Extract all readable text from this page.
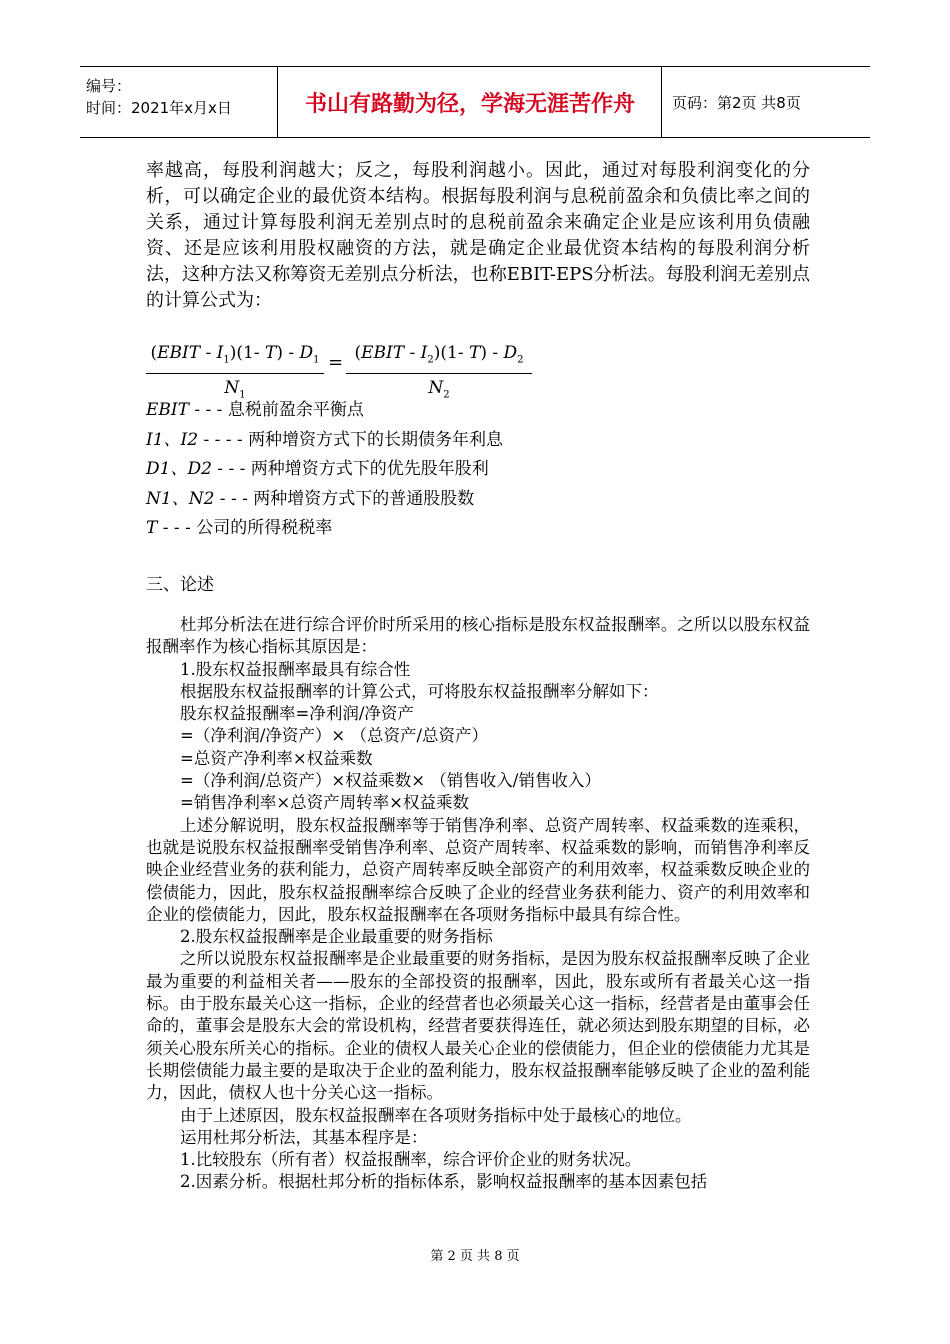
编号：
时间：2021年x月x日	书山有路勤为径，学海无涯苦作舟	页码：第2页 共8页
率越高，每股利润越大；反之，每股利润越小。因此，通过对每股利润变化的分析，可以确定企业的最优资本结构。根据每股利润与息税前盈余和负债比率之间的关系，通过计算每股利润无差别点时的息税前盈余来确定企业是应该利用负债融资、还是应该利用股权融资的方法，就是确定企业最优资本结构的每股利润分析法，这种方法又称筹资无差别点分析法，也称EBIT-EPS分析法。每股利润无差别点的计算公式为：
(EBIT - $I_1)(1-$ $T) - D_1$
$N_1$
= (EBIT - $I_2)(1-$ $T) - D_2$
$N_2$
EBIT - - - 息税前盈余平衡点
I1、I2 - - - - 两种增资方式下的长期债务年利息
D1、D2 - - - 两种增资方式下的优先股年股利
N1、N2 - - - 两种增资方式下的普通股股数
T - - - 公司的所得税税率
三、论述

杜邦分析法在进行综合评价时所采用的核心指标是股东权益报酬率。之所以以股东权益报酬率作为核心指标其原因是：

1.股东权益报酬率最具有综合性

根据股东权益报酬率的计算公式，可将股东权益报酬率分解如下：

股东权益报酬率=净利润/净资产

=（净利润/净资产）× （总资产/总资产）

=总资产净利率×权益乘数

=（净利润/总资产）×权益乘数× （销售收入/销售收入）

=销售净利率×总资产周转率×权益乘数

上述分解说明，股东权益报酬率等于销售净利率、总资产周转率、权益乘数的连乘积，也就是说股东权益报酬率受销售净利率、总资产周转率、权益乘数的影响，而销售净利率反映企业经营业务的获利能力，总资产周转率反映全部资产的利用效率，权益乘数反映企业的偿债能力，因此，股东权益报酬率综合反映了企业的经营业务获利能力、资产的利用效率和企业的偿债能力，因此，股东权益报酬率在各项财务指标中最具有综合性。

2.股东权益报酬率是企业最重要的财务指标

之所以说股东权益报酬率是企业最重要的财务指标，是因为股东权益报酬率反映了企业最为重要的利益相关者——股东的全部投资的报酬率，因此，股东或所有者最关心这一指标。由于股东最关心这一指标，企业的经营者也必须最关心这一指标，经营者是由董事会任命的，董事会是股东大会的常设机构，经营者要获得连任，就必须达到股东期望的目标，必须关心股东所关心的指标。企业的债权人最关心企业的偿债能力，但企业的偿债能力尤其是长期偿债能力最主要的是取决于企业的盈利能力，股东权益报酬率能够反映了企业的盈利能力，因此，债权人也十分关心这一指标。

由于上述原因，股东权益报酬率在各项财务指标中处于最核心的地位。

运用杜邦分析法，其基本程序是：

1.比较股东（所有者）权益报酬率，综合评价企业的财务状况。

2.因素分析。根据杜邦分析的指标体系，影响权益报酬率的基本因素包括

第 2 页 共 8 页
